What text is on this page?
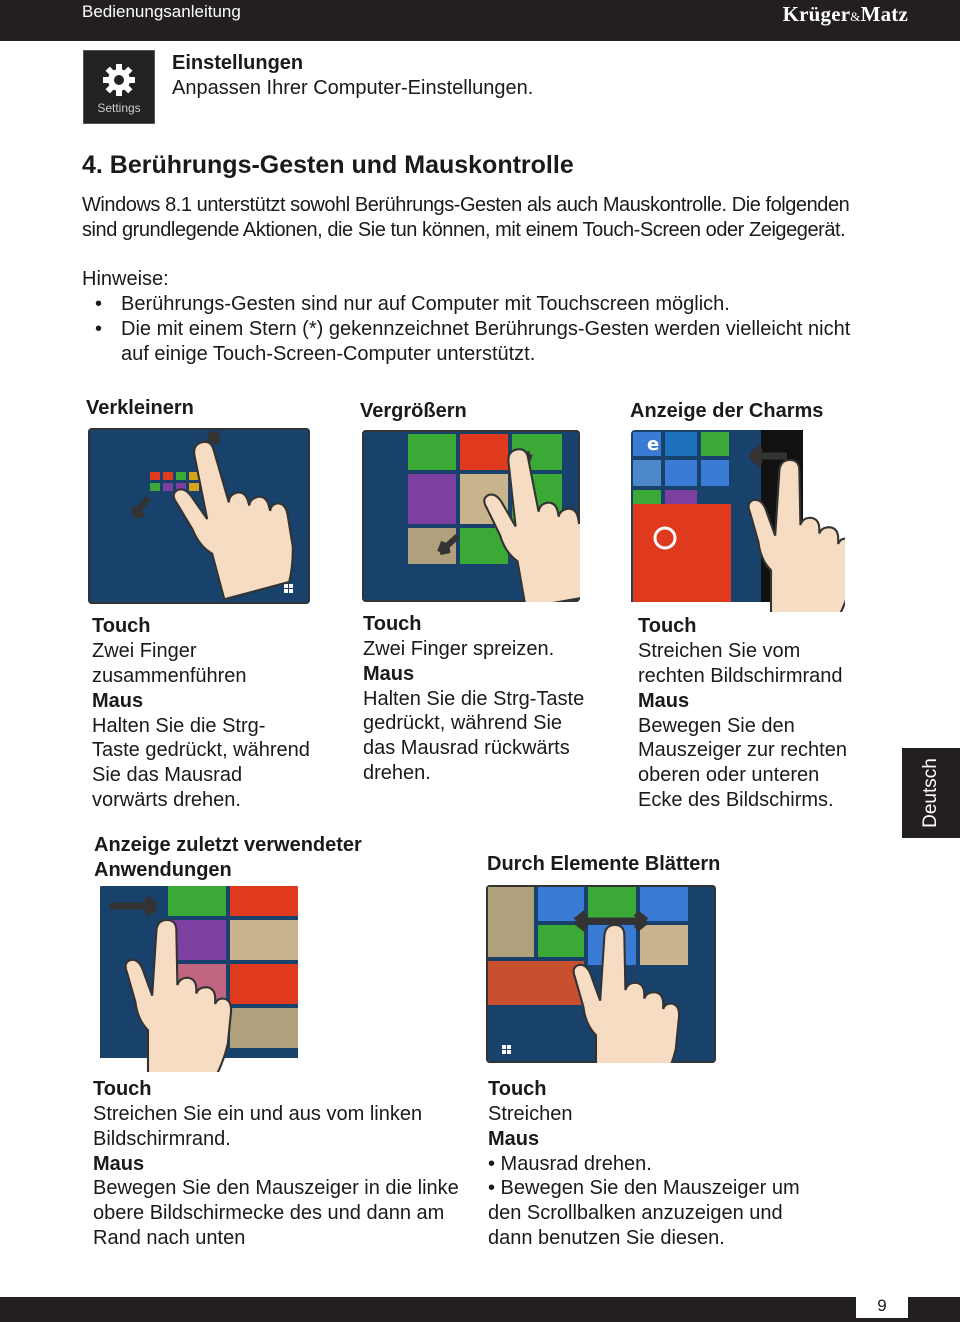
Bedienungsanleitung	Krüger&Matz
Settings
Einstellungen
Anpassen Ihrer Computer-Einstellungen.
4. Berührungs-Gesten und Mauskontrolle
Windows 8.1 unterstützt sowohl Berührungs-Gesten als auch Mauskontrolle. Die folgenden
sind grundlegende Aktionen, die Sie tun können, mit einem Touch-Screen oder Zeigegerät.
Hinweise:
• Berührungs-Gesten sind nur auf Computer mit Touchscreen möglich.
• Die mit einem Stern (*) gekennzeichnet Berührungs-Gesten werden vielleicht nicht
auf einige Touch-Screen-Computer unterstützt.
Verkleinern
Touch
Zwei Finger
zusammenführen
Maus
Halten Sie die Strg-
Taste gedrückt, während
Sie das Mausrad
vorwärts drehen.
Vergrößern
Touch
Zwei Finger spreizen.
Maus
Halten Sie die Strg-Taste
gedrückt, während Sie
das Mausrad rückwärts
drehen.
Anzeige der Charms
e
Touch
Streichen Sie vom
rechten Bildschirmrand
Maus
Bewegen Sie den
Mauszeiger zur rechten
oberen oder unteren
Ecke des Bildschirms.	Deutsch
Anzeige zuletzt verwendeter
Anwendungen
Touch
Streichen Sie ein und aus vom linken
Bildschirmrand.
Maus
Bewegen Sie den Mauszeiger in die linke
obere Bildschirmecke des und dann am
Rand nach unten
Durch Elemente Blättern
Touch
Streichen
Maus
• Mausrad drehen.
• Bewegen Sie den Mauszeiger um
den Scrollbalken anzuzeigen und
dann benutzen Sie diesen.
9
